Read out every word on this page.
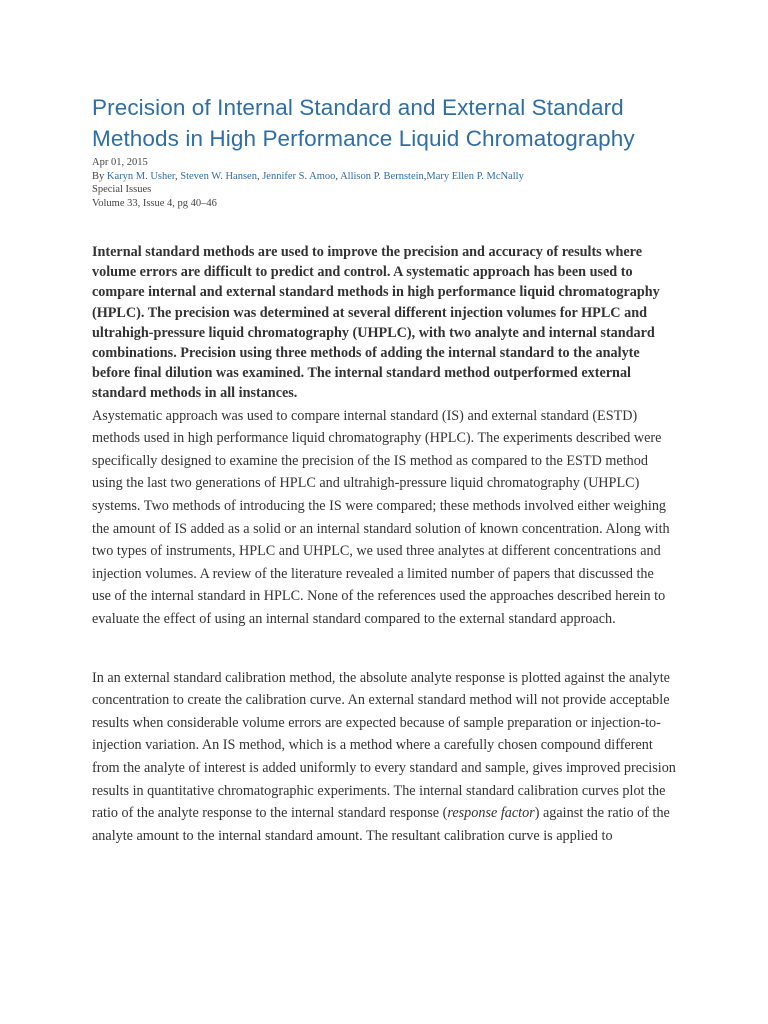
Precision of Internal Standard and External Standard Methods in High Performance Liquid Chromatography
Apr 01, 2015
By Karyn M. Usher, Steven W. Hansen, Jennifer S. Amoo, Allison P. Bernstein,Mary Ellen P. McNally
Special Issues
Volume 33, Issue 4, pg 40–46

Internal standard methods are used to improve the precision and accuracy of results where volume errors are difficult to predict and control. A systematic approach has been used to compare internal and external standard methods in high performance liquid chromatography (HPLC). The precision was determined at several different injection volumes for HPLC and ultrahigh-pressure liquid chromatography (UHPLC), with two analyte and internal standard combinations. Precision using three methods of adding the internal standard to the analyte before final dilution was examined. The internal standard method outperformed external standard methods in all instances.

Asystematic approach was used to compare internal standard (IS) and external standard (ESTD) methods used in high performance liquid chromatography (HPLC). The experiments described were specifically designed to examine the precision of the IS method as compared to the ESTD method using the last two generations of HPLC and ultrahigh-pressure liquid chromatography (UHPLC) systems. Two methods of introducing the IS were compared; these methods involved either weighing the amount of IS added as a solid or an internal standard solution of known concentration. Along with two types of instruments, HPLC and UHPLC, we used three analytes at different concentrations and injection volumes. A review of the literature revealed a limited number of papers that discussed the use of the internal standard in HPLC. None of the references used the approaches described herein to evaluate the effect of using an internal standard compared to the external standard approach.

In an external standard calibration method, the absolute analyte response is plotted against the analyte concentration to create the calibration curve. An external standard method will not provide acceptable results when considerable volume errors are expected because of sample preparation or injection-to-injection variation. An IS method, which is a method where a carefully chosen compound different from the analyte of interest is added uniformly to every standard and sample, gives improved precision results in quantitative chromatographic experiments. The internal standard calibration curves plot the ratio of the analyte response to the internal standard response (response factor) against the ratio of the analyte amount to the internal standard amount. The resultant calibration curve is applied to
